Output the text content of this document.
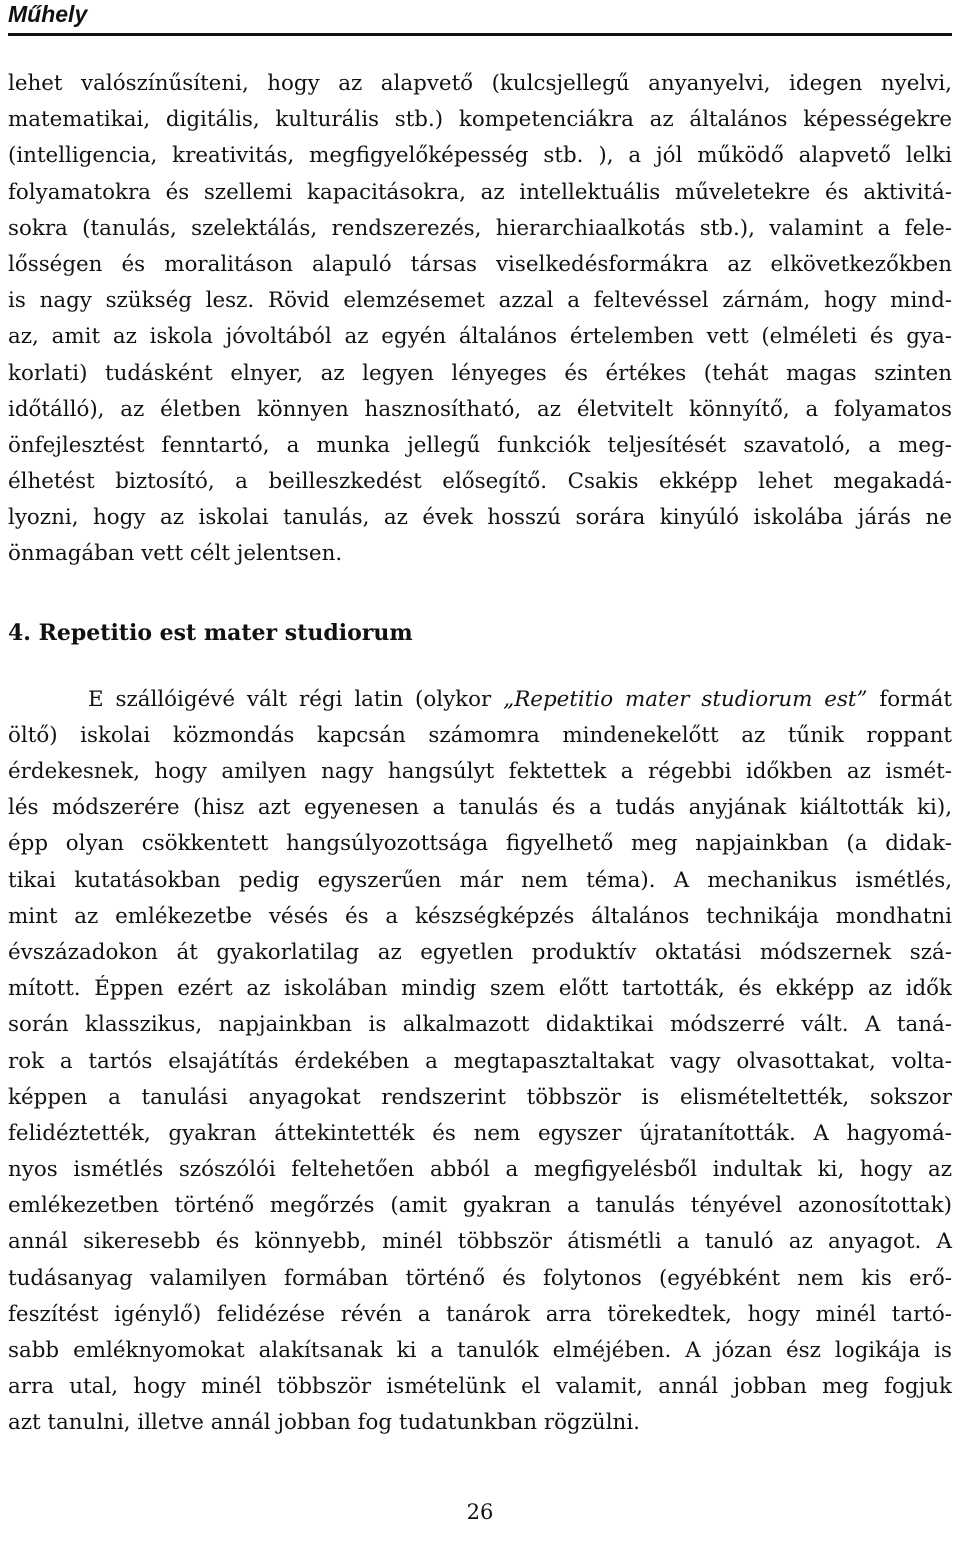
Műhely
lehet valószínűsíteni, hogy az alapvető (kulcsjellegű anyanyelvi, idegen nyelvi,
matematikai, digitális, kulturális stb.) kompetenciákra az általános képességekre
(intelligencia, kreativitás, megfigyelőképesség stb. ), a jól működő alapvető lelki
folyamatokra és szellemi kapacitásokra, az intellektuális műveletekre és aktivitá-
sokra (tanulás, szelektálás, rendszerezés, hierarchiaalkotás stb.), valamint a fele-
lősségen és moralitáson alapuló társas viselkedésformákra az elkövetkezőkben
is nagy szükség lesz. Rövid elemzésemet azzal a feltevéssel zárnám, hogy mind-
az, amit az iskola jóvoltából az egyén általános értelemben vett (elméleti és gya-
korlati) tudásként elnyer, az legyen lényeges és értékes (tehát magas szinten
időtálló), az életben könnyen hasznosítható, az életvitelt könnyítő, a folyamatos
önfejlesztést fenntartó, a munka jellegű funkciók teljesítését szavatoló, a meg-
élhetést biztosító, a beilleszkedést elősegítő. Csakis ekképp lehet megakadá-
lyozni, hogy az iskolai tanulás, az évek hosszú sorára kinyúló iskolába járás ne
önmagában vett célt jelentsen.
4. Repetitio est mater studiorum
E szállóigévé vált régi latin (olykor „Repetitio mater studiorum est” formát
öltő) iskolai közmondás kapcsán számomra mindenekelőtt az tűnik roppant
érdekesnek, hogy amilyen nagy hangsúlyt fektettek a régebbi időkben az ismét-
lés módszerére (hisz azt egyenesen a tanulás és a tudás anyjának kiáltották ki),
épp olyan csökkentett hangsúlyozottsága figyelhető meg napjainkban (a didak-
tikai kutatásokban pedig egyszerűen már nem téma). A mechanikus ismétlés,
mint az emlékezetbe vésés és a készségképzés általános technikája mondhatni
évszázadokon át gyakorlatilag az egyetlen produktív oktatási módszernek szá-
mított. Éppen ezért az iskolában mindig szem előtt tartották, és ekképp az idők
során klasszikus, napjainkban is alkalmazott didaktikai módszerré vált. A taná-
rok a tartós elsajátítás érdekében a megtapasztaltakat vagy olvasottakat, volta-
képpen a tanulási anyagokat rendszerint többször is elismételtették, sokszor
felidéztették, gyakran áttekintették és nem egyszer újratanították. A hagyomá-
nyos ismétlés szószólói feltehetően abból a megfigyelésből indultak ki, hogy az
emlékezetben történő megőrzés (amit gyakran a tanulás tényével azonosítottak)
annál sikeresebb és könnyebb, minél többször átismétli a tanuló az anyagot. A
tudásanyag valamilyen formában történő és folytonos (egyébként nem kis erő-
feszítést igénylő) felidézése révén a tanárok arra törekedtek, hogy minél tartó-
sabb emléknyomokat alakítsanak ki a tanulók elméjében. A józan ész logikája is
arra utal, hogy minél többször ismételünk el valamit, annál jobban meg fogjuk
azt tanulni, illetve annál jobban fog tudatunkban rögzülni.
26
